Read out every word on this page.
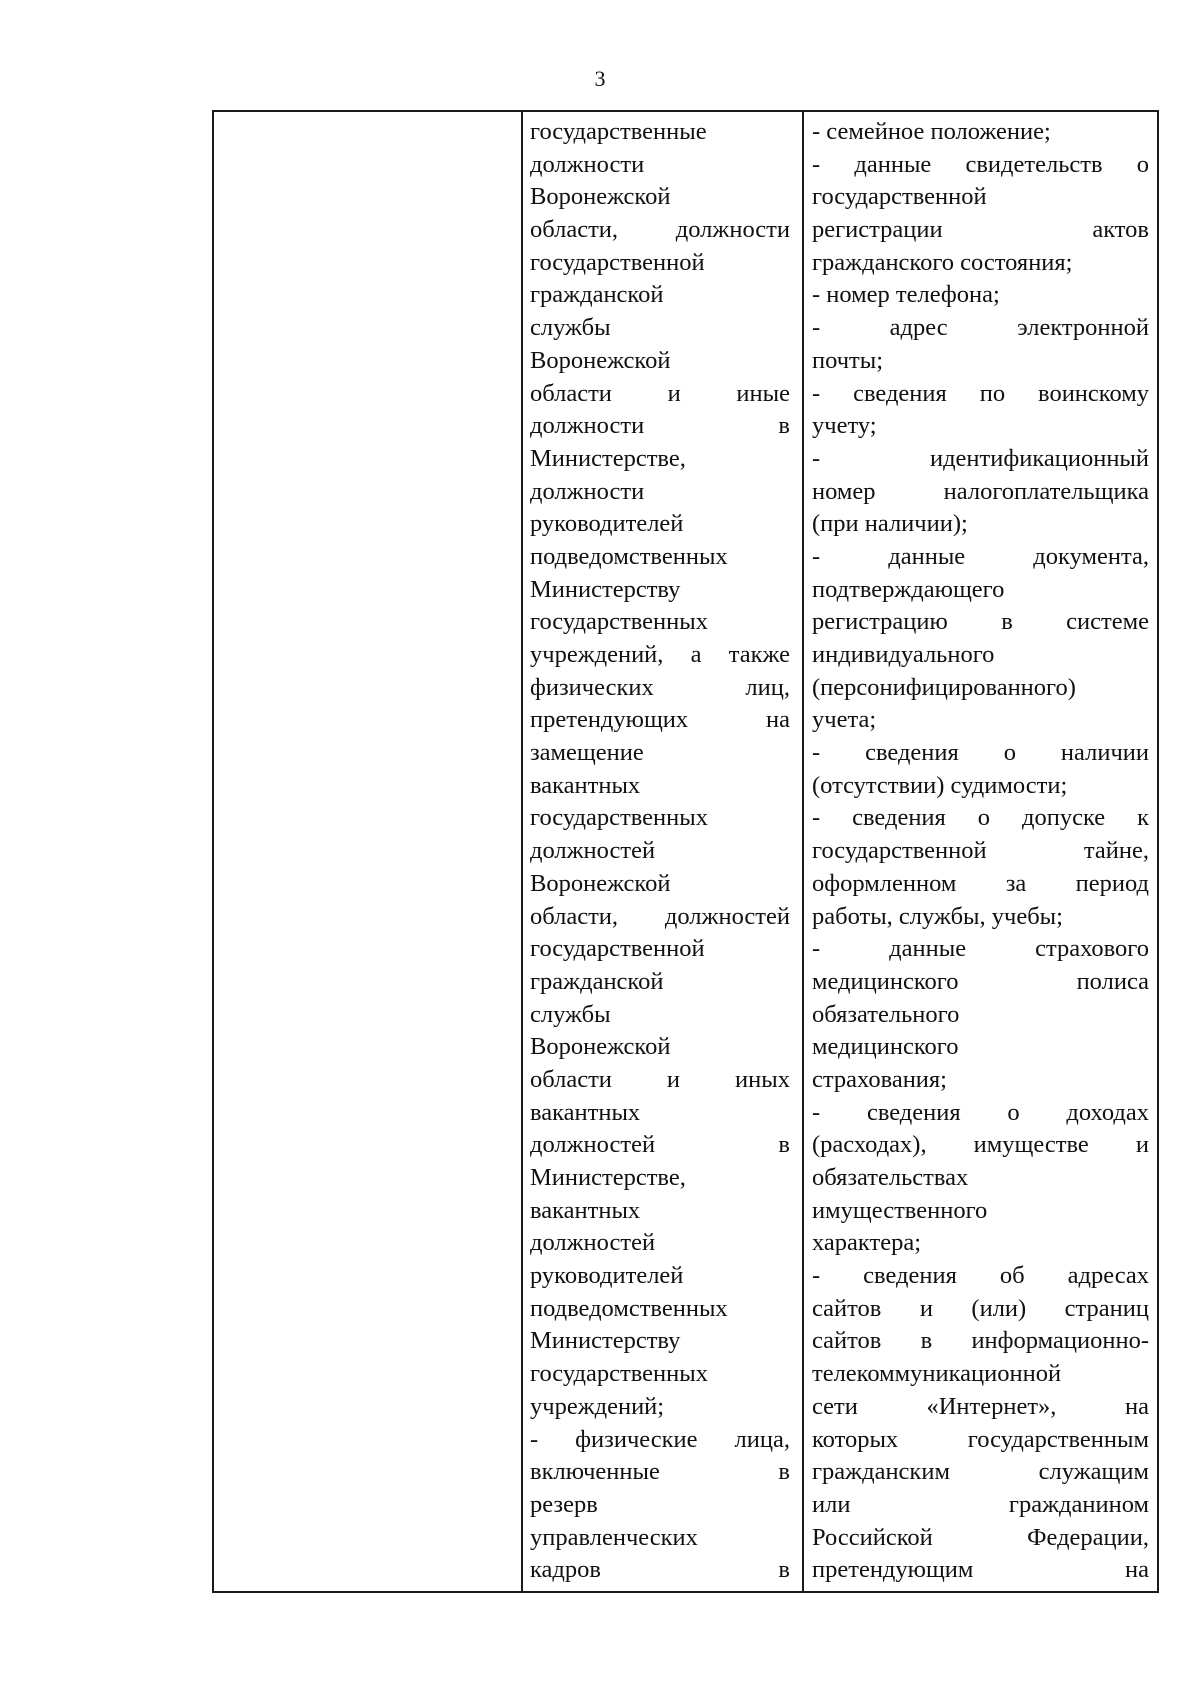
3
государственные
должности
Воронежской
области, должности
государственной
гражданской
службы
Воронежской
области и иные
должности в
Министерстве,
должности
руководителей
подведомственных
Министерству
государственных
учреждений, а также
физических лиц,
претендующих на
замещение
вакантных
государственных
должностей
Воронежской
области, должностей
государственной
гражданской
службы
Воронежской
области и иных
вакантных
должностей в
Министерстве,
вакантных
должностей
руководителей
подведомственных
Министерству
государственных
учреждений;
- физические лица,
включенные в
резерв
управленческих
кадров в
- семейное положение;
- данные свидетельств о
государственной
регистрации актов
гражданского состояния;
- номер телефона;
- адрес электронной
почты;
- сведения по воинскому
учету;
- идентификационный
номер налогоплательщика
(при наличии);
- данные документа,
подтверждающего
регистрацию в системе
индивидуального
(персонифицированного)
учета;
- сведения о наличии
(отсутствии) судимости;
- сведения о допуске к
государственной тайне,
оформленном за период
работы, службы, учебы;
- данные страхового
медицинского полиса
обязательного
медицинского
страхования;
- сведения о доходах
(расходах), имуществе и
обязательствах
имущественного
характера;
- сведения об адресах
сайтов и (или) страниц
сайтов в информационно-
телекоммуникационной
сети «Интернет», на
которых государственным
гражданским служащим
или гражданином
Российской Федерации,
претендующим на
